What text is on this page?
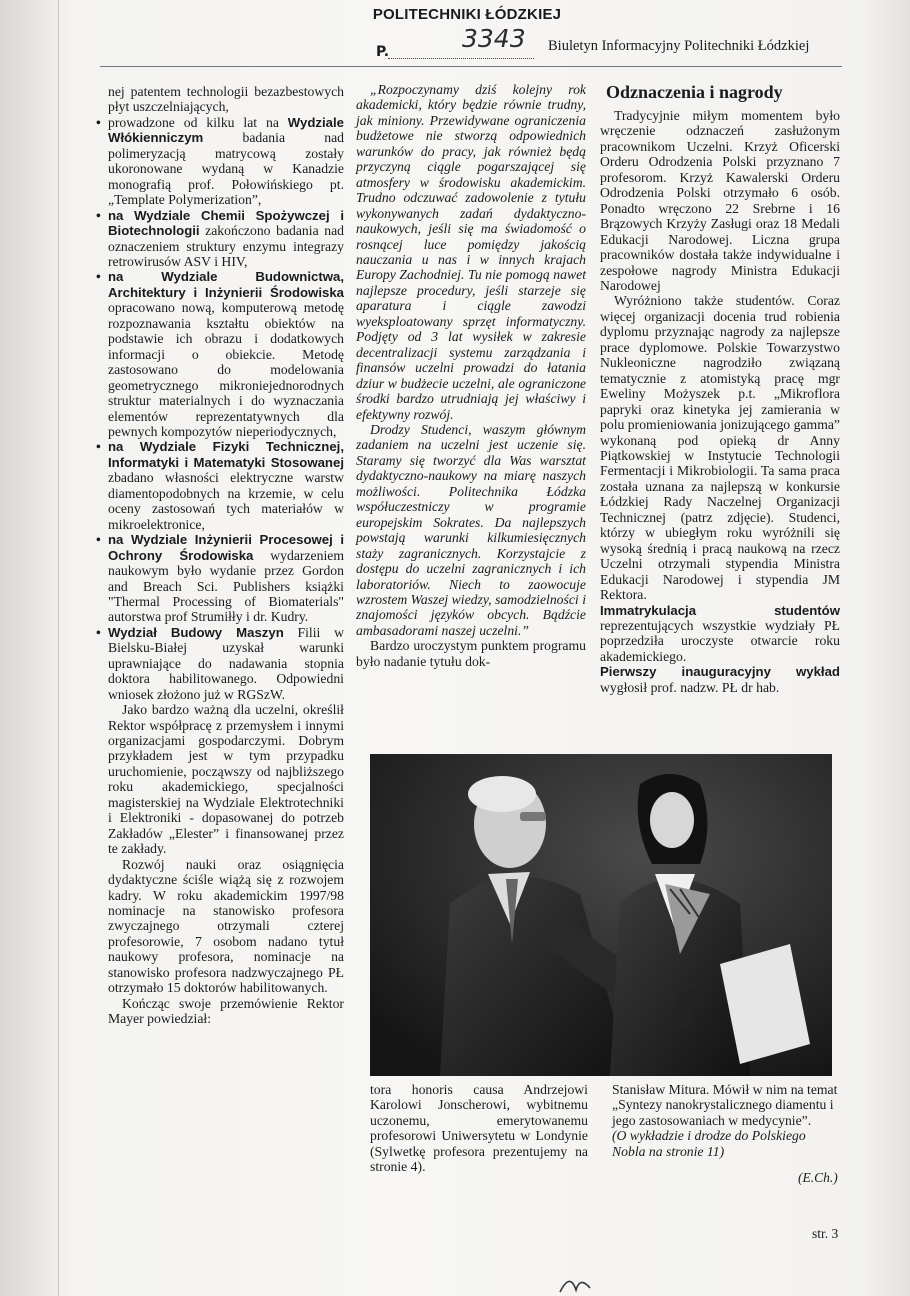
POLITECHNIKI ŁÓDZKIEJ
3343
P.	Biuletyn Informacyjny Politechniki Łódzkiej

nej patentem technologii bezazbestowych płyt uszczelniających,

• prowadzone od kilku lat na Wydziale Włókienniczym badania nad polimeryzacją matrycową zostały ukoronowane wydaną w Kanadzie monografią prof. Połowińskiego pt. „Template Polymerization”,
• na Wydziale Chemii Spożywczej i Biotechnologii zakończono badania nad oznaczeniem struktury enzymu integrazy retrowirusów ASV i HIV,
• na Wydziale Budownictwa, Architektury i Inżynierii Środowiska opracowano nową, komputerową metodę rozpoznawania kształtu obiektów na podstawie ich obrazu i dodatkowych informacji o obiekcie. Metodę zastosowano do modelowania geometrycznego mikroniejednorodnych struktur materialnych i do wyznaczania elementów reprezentatywnych dla pewnych kompozytów nieperiodycznych,
• na Wydziale Fizyki Technicznej, Informatyki i Matematyki Stosowanej zbadano własności elektryczne warstw diamentopodobnych na krzemie, w celu oceny zastosowań tych materiałów w mikroelektronice,
• na Wydziale Inżynierii Procesowej i Ochrony Środowiska wydarzeniem naukowym było wydanie przez Gordon and Breach Sci. Publishers książki "Thermal Processing of Biomaterials" autorstwa prof Strumiłły i dr. Kudry.
• Wydział Budowy Maszyn Filii w Bielsku-Białej uzyskał warunki uprawniające do nadawania stopnia doktora habilitowanego. Odpowiedni wniosek złożono już w RGSzW.

Jako bardzo ważną dla uczelni, określił Rektor współpracę z przemysłem i innymi organizacjami gospodarczymi. Dobrym przykładem jest w tym przypadku uruchomienie, począwszy od najbliższego roku akademickiego, specjalności magisterskiej na Wydziale Elektrotechniki i Elektroniki - dopasowanej do potrzeb Zakładów „Elester” i finansowanej przez te zakłady.

Rozwój nauki oraz osiągnięcia dydaktyczne ściśle wiążą się z rozwojem kadry. W roku akademickim 1997/98 nominacje na stanowisko profesora zwyczajnego otrzymali czterej profesorowie, 7 osobom nadano tytuł naukowy profesora, nominacje na stanowisko profesora nadzwyczajnego PŁ otrzymało 15 doktorów habilitowanych.

Kończąc swoje przemówienie Rektor Mayer powiedział:

„Rozpoczynamy dziś kolejny rok akademicki, który będzie równie trudny, jak miniony. Przewidywane ograniczenia budżetowe nie stworzą odpowiednich warunków do pracy, jak również będą przyczyną ciągle pogarszającej się atmosfery w środowisku akademickim. Trudno odczuwać zadowolenie z tytułu wykonywanych zadań dydaktyczno-naukowych, jeśli się ma świadomość o rosnącej luce pomiędzy jakością nauczania u nas i w innych krajach Europy Zachodniej. Tu nie pomogą nawet najlepsze procedury, jeśli starzeje się aparatura i ciągle zawodzi wyeksploatowany sprzęt informatyczny. Podjęty od 3 lat wysiłek w zakresie decentralizacji systemu zarządzania i finansów uczelni prowadzi do łatania dziur w budżecie uczelni, ale ograniczone środki bardzo utrudniają jej właściwy i efektywny rozwój.

Drodzy Studenci, waszym głównym zadaniem na uczelni jest uczenie się. Staramy się tworzyć dla Was warsztat dydaktyczno-naukowy na miarę naszych możliwości. Politechnika Łódzka współuczestniczy w programie europejskim Sokrates. Da najlepszych powstają warunki kilkumiesięcznych staży zagranicznych. Korzystajcie z dostępu do uczelni zagranicznych i ich laboratoriów. Niech to zaowocuje wzrostem Waszej wiedzy, samodzielności i znajomości języków obcych. Bądźcie ambasadorami naszej uczelni.”

Bardzo uroczystym punktem programu było nadanie tytułu dok-

Odznaczenia i nagrody

Tradycyjnie miłym momentem było wręczenie odznaczeń zasłużonym pracownikom Uczelni. Krzyż Oficerski Orderu Odrodzenia Polski przyznano 7 profesorom. Krzyż Kawalerski Orderu Odrodzenia Polski otrzymało 6 osób. Ponadto wręczono 22 Srebrne i 16 Brązowych Krzyży Zasługi oraz 18 Medali Edukacji Narodowej. Liczna grupa pracowników dostała także indywidualne i zespołowe nagrody Ministra Edukacji Narodowej

Wyróżniono także studentów. Coraz więcej organizacji docenia trud robienia dyplomu przyznając nagrody za najlepsze prace dyplomowe. Polskie Towarzystwo Nukleoniczne nagrodziło związaną tematycznie z atomistyką pracę mgr Eweliny Możyszek p.t. „Mikroflora papryki oraz kinetyka jej zamierania w polu promieniowania jonizującego gamma” wykonaną pod opieką dr Anny Piątkowskiej w Instytucie Technologii Fermentacji i Mikrobiologii. Ta sama praca została uznana za najlepszą w konkursie Łódzkiej Rady Naczelnej Organizacji Technicznej (patrz zdjęcie). Studenci, którzy w ubiegłym roku wyróżnili się wysoką średnią i pracą naukową na rzecz Uczelni otrzymali stypendia Ministra Edukacji Narodowej i stypendia JM Rektora.

Immatrykulacja studentów reprezentujących wszystkie wydziały PŁ poprzedziła uroczyste otwarcie roku akademickiego.

Pierwszy inauguracyjny wykład wygłosił prof. nadzw. PŁ dr hab.

tora honoris causa Andrzejowi Karolowi Jonscherowi, wybitnemu uczonemu, emerytowanemu profesorowi Uniwersytetu w Londynie (Sylwetkę profesora prezentujemy na stronie 4).
Stanisław Mitura. Mówił w nim na temat „Syntezy nanokrystalicznego diamentu i jego zastosowaniach w medycynie”.
(O wykładzie i drodze do Polskiego Nobla na stronie 11)
(E.Ch.)
str. 3
